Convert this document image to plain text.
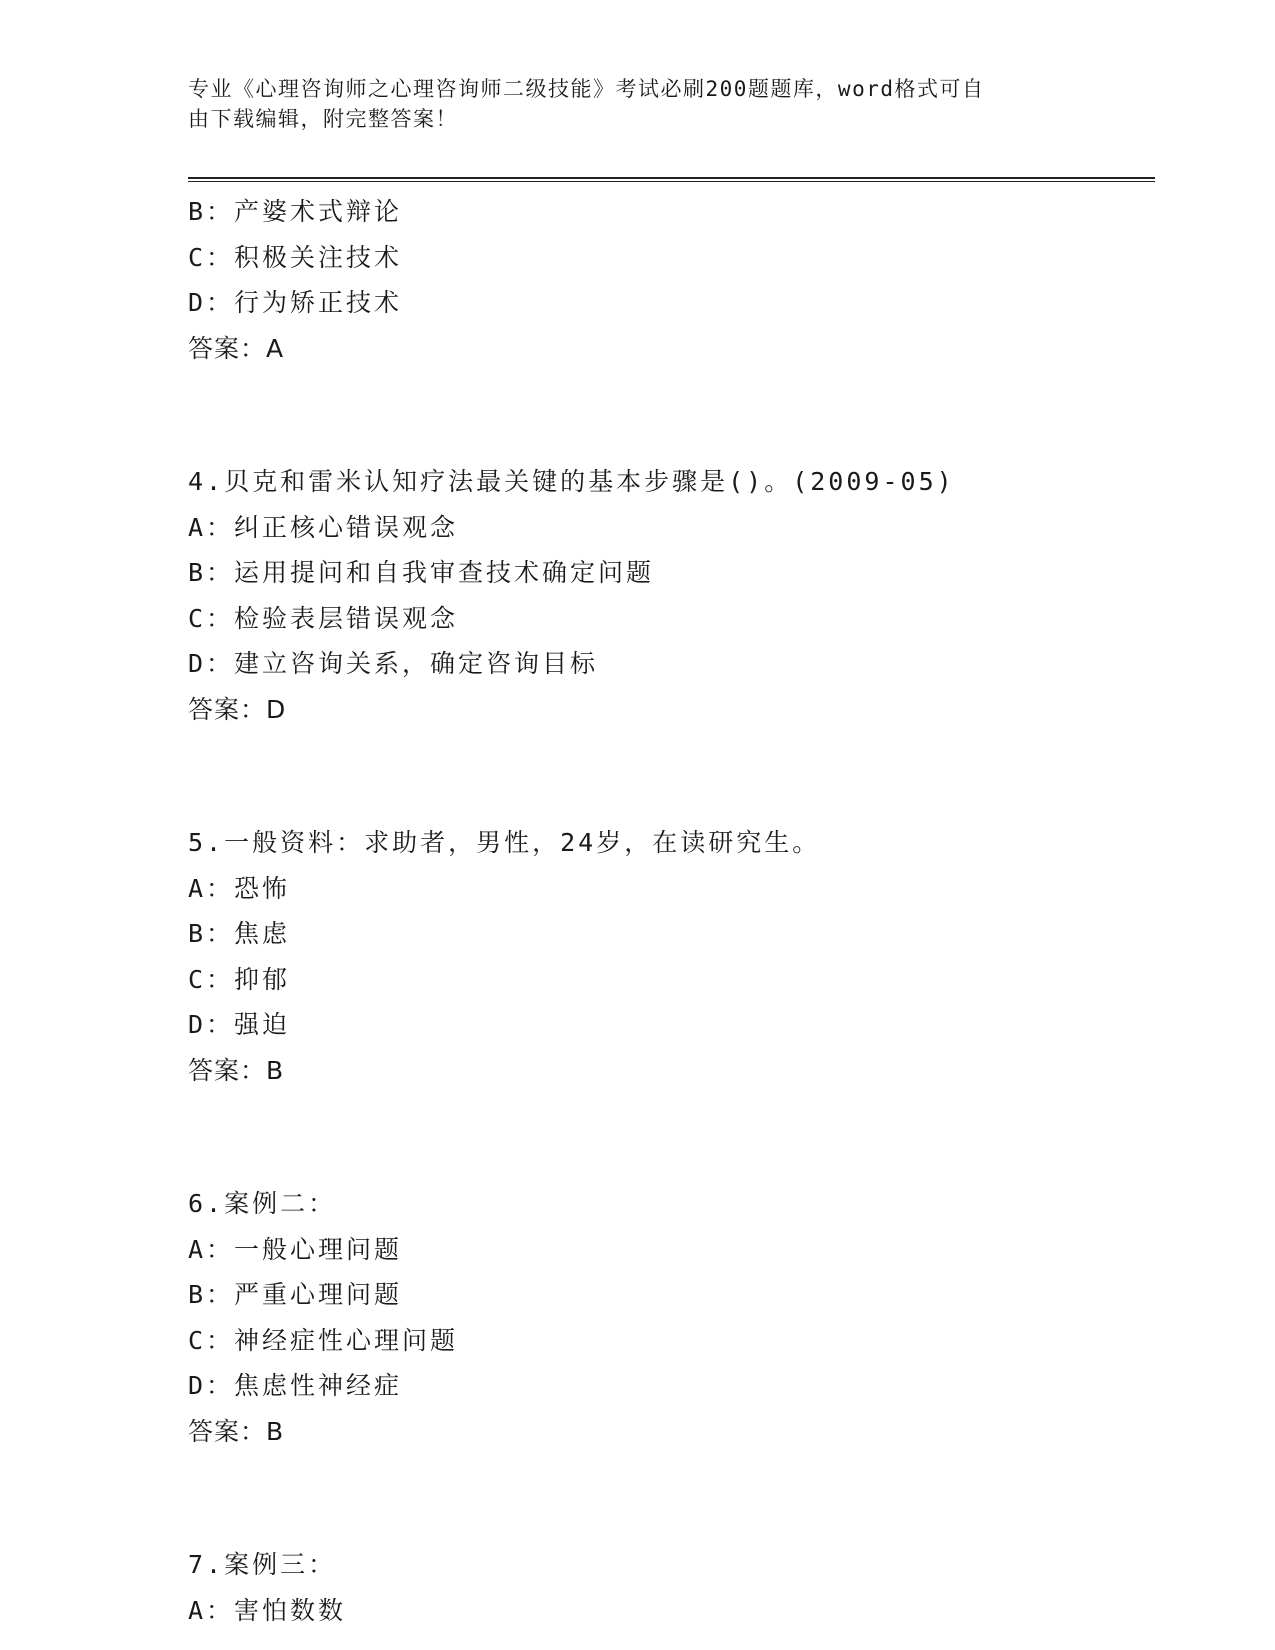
专业《心理咨询师之心理咨询师二级技能》考试必刷200题题库，word格式可自
由下载编辑，附完整答案！
B：产婆术式辩论
C：积极关注技术
D：行为矫正技术
答案：A
4.贝克和雷米认知疗法最关键的基本步骤是()。(2009-05)
A：纠正核心错误观念
B：运用提问和自我审查技术确定问题
C：检验表层错误观念
D：建立咨询关系，确定咨询目标
答案：D
5.一般资料：求助者，男性，24岁，在读研究生。
A：恐怖
B：焦虑
C：抑郁
D：强迫
答案：B
6.案例二：
A：一般心理问题
B：严重心理问题
C：神经症性心理问题
D：焦虑性神经症
答案：B
7.案例三：
A：害怕数数
